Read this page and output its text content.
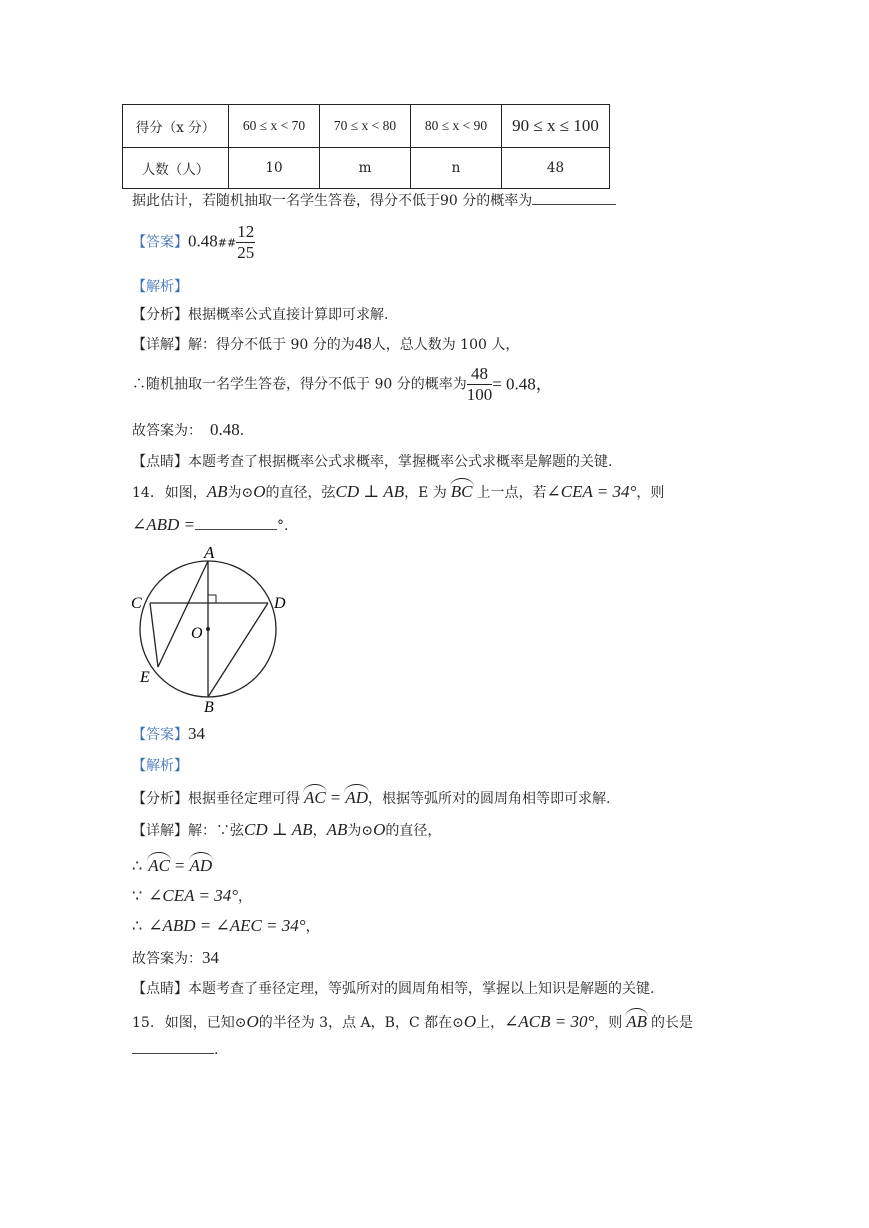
得分（x 分）	60 ≤ x < 70	70 ≤ x < 80	80 ≤ x < 90	90 ≤ x ≤ 100
人数（人）	10	m	n	48
据此估计，若随机抽取一名学生答卷，得分不低于90 分的概率为
【答案】0.48## $\frac{12}{25}$
【解析】
【分析】根据概率公式直接计算即可求解.
【详解】解：得分不低于 90 分的为48人，总人数为 100 人，
∴随机抽取一名学生答卷，得分不低于 90 分的概率为 $\frac{48}{100} = 0.48$，
故答案为： 0.48.
【点睛】本题考查了根据概率公式求概率，掌握概率公式求概率是解题的关键.
14. 如图，AB为⊙O的直径，弦CD ⊥ AB，E 为 BC 上一点，若∠CEA = 34°，则
∠ABD =	°.
A
B
C	D
E
O
【答案】34
【解析】
【分析】根据垂径定理可得 AC = AD，根据等弧所对的圆周角相等即可求解.
【详解】解：∵弦CD ⊥ AB，AB为⊙O的直径，
∴ AC = AD
∵ ∠CEA = 34°，
∴ ∠ABD = ∠AEC = 34°，
故答案为：34
【点睛】本题考查了垂径定理，等弧所对的圆周角相等，掌握以上知识是解题的关键.
15. 如图，已知⊙O的半径为 3，点 A，B，C 都在⊙O上，∠ACB = 30°，则 AB 的长是
.
